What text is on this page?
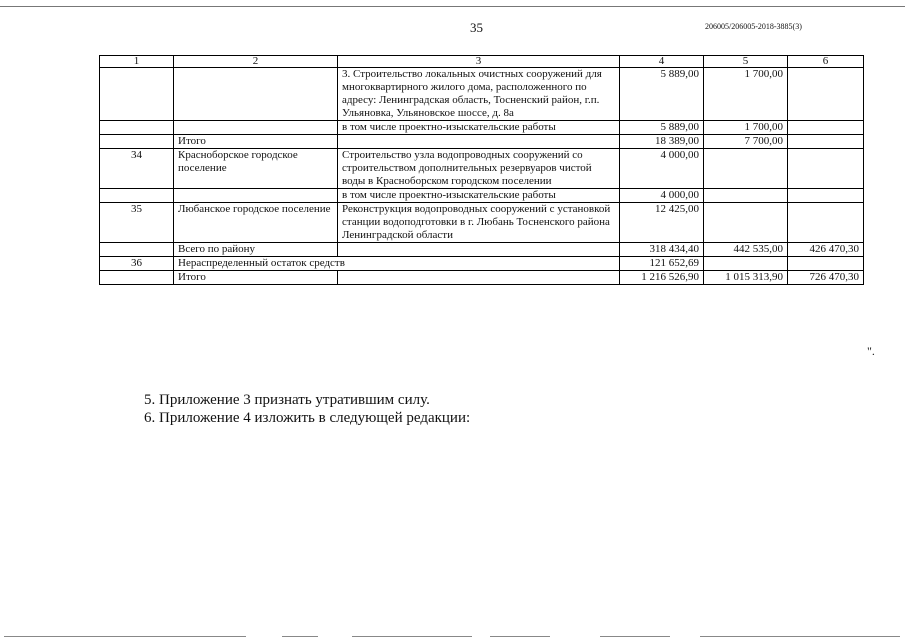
35	206005/206005-2018-3885(3)
1	2	3	4	5	6
		3. Строительство локальных очистных сооружений для многоквартирного жилого дома, расположенного по адресу: Ленинградская область, Тосненский район, г.п. Ульяновка, Ульяновское шоссе, д. 8а	5 889,00	1 700,00	
		в том числе проектно-изыскательские работы	5 889,00	1 700,00	
	Итого		18 389,00	7 700,00	
34	Красноборское городское поселение	Строительство узла водопроводных сооружений со строительством дополнительных резервуаров чистой воды в Красноборском городском поселении	4 000,00		
		в том числе проектно-изыскательские работы	4 000,00		
35	Любанское городское поселение	Реконструкция водопроводных сооружений с установкой станции водоподготовки в г. Любань Тосненского района Ленинградской области	12 425,00		
	Всего по району		318 434,40	442 535,00	426 470,30
36	Нераспределенный остаток средств		121 652,69		
	Итого		1 216 526,90	1 015 313,90	726 470,30
".
5. Приложение 3 признать утратившим силу.
6. Приложение 4 изложить в следующей редакции:
